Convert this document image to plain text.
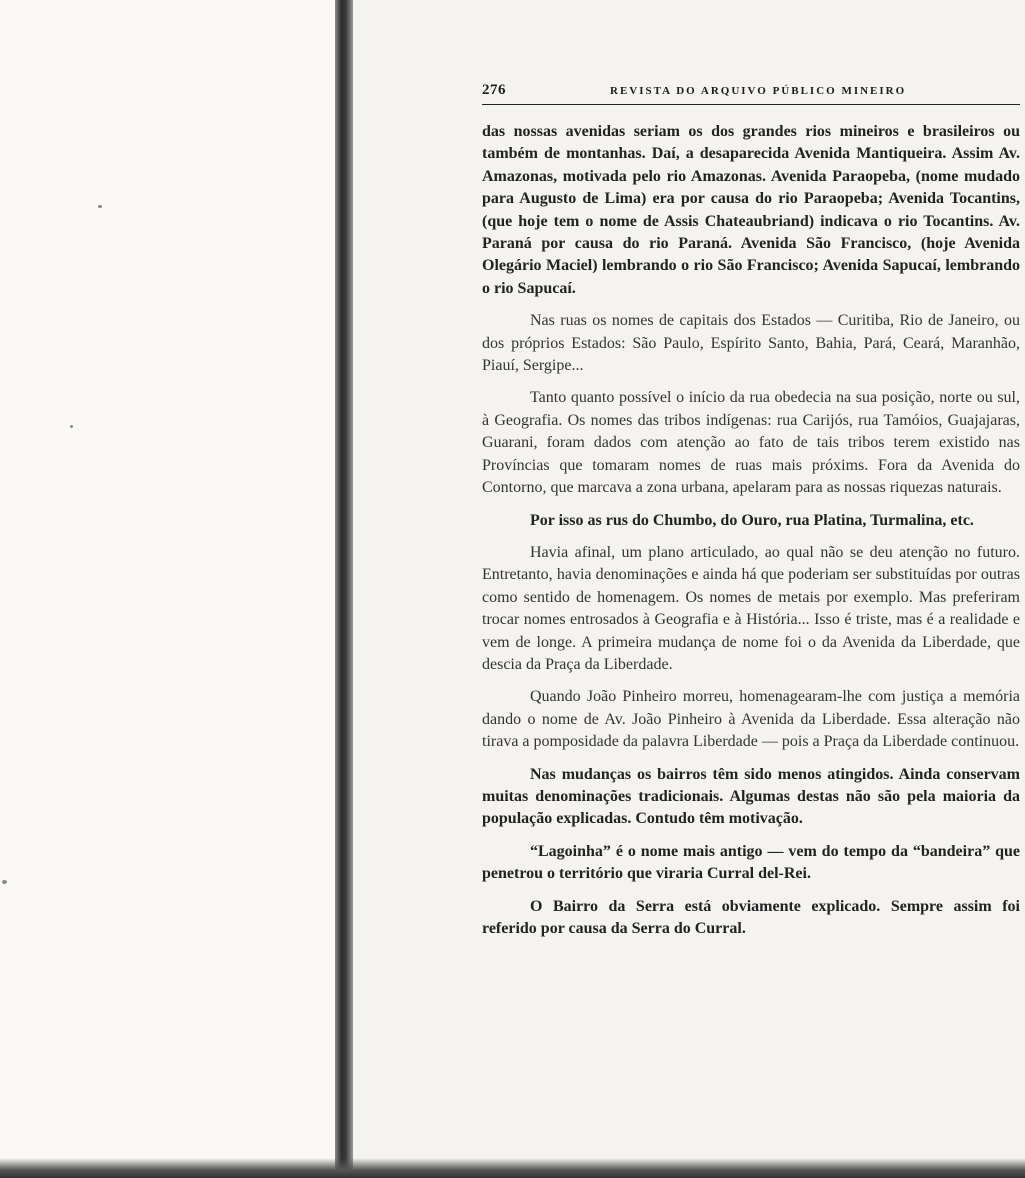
276	REVISTA DO ARQUIVO PÚBLICO MINEIRO

das nossas avenidas seriam os dos grandes rios mineiros e brasileiros ou também de montanhas. Daí, a desaparecida Avenida Mantiqueira. Assim Av. Amazonas, motivada pelo rio Amazonas. Avenida Paraopeba, (nome mudado para Augusto de Lima) era por causa do rio Paraopeba; Avenida Tocantins, (que hoje tem o nome de Assis Chateaubriand) indicava o rio Tocantins. Av. Paraná por causa do rio Paraná. Avenida São Francisco, (hoje Avenida Olegário Maciel) lembrando o rio São Francisco; Avenida Sapucaí, lembrando o rio Sapucaí.

Nas ruas os nomes de capitais dos Estados — Curitiba, Rio de Janeiro, ou dos próprios Estados: São Paulo, Espírito Santo, Bahia, Pará, Ceará, Maranhão, Piauí, Sergipe...

Tanto quanto possível o início da rua obedecia na sua posição, norte ou sul, à Geografia. Os nomes das tribos indígenas: rua Carijós, rua Tamóios, Guajajaras, Guarani, foram dados com atenção ao fato de tais tribos terem existido nas Províncias que tomaram nomes de ruas mais próxims. Fora da Avenida do Contorno, que marcava a zona urbana, apelaram para as nossas riquezas naturais.

Por isso as rus do Chumbo, do Ouro, rua Platina, Turmalina, etc.

Havia afinal, um plano articulado, ao qual não se deu atenção no futuro. Entretanto, havia denominações e ainda há que poderiam ser substituídas por outras como sentido de homenagem. Os nomes de metais por exemplo. Mas preferiram trocar nomes entrosados à Geografia e à História... Isso é triste, mas é a realidade e vem de longe. A primeira mudança de nome foi o da Avenida da Liberdade, que descia da Praça da Liberdade.

Quando João Pinheiro morreu, homenagearam-lhe com justiça a memória dando o nome de Av. João Pinheiro à Avenida da Liberdade. Essa alteração não tirava a pomposidade da palavra Liberdade — pois a Praça da Liberdade continuou.

Nas mudanças os bairros têm sido menos atingidos. Ainda conservam muitas denominações tradicionais. Algumas destas não são pela maioria da população explicadas. Contudo têm motivação.

“Lagoinha” é o nome mais antigo — vem do tempo da “bandeira” que penetrou o território que viraria Curral del-Rei.

O Bairro da Serra está obviamente explicado. Sempre assim foi referido por causa da Serra do Curral.
